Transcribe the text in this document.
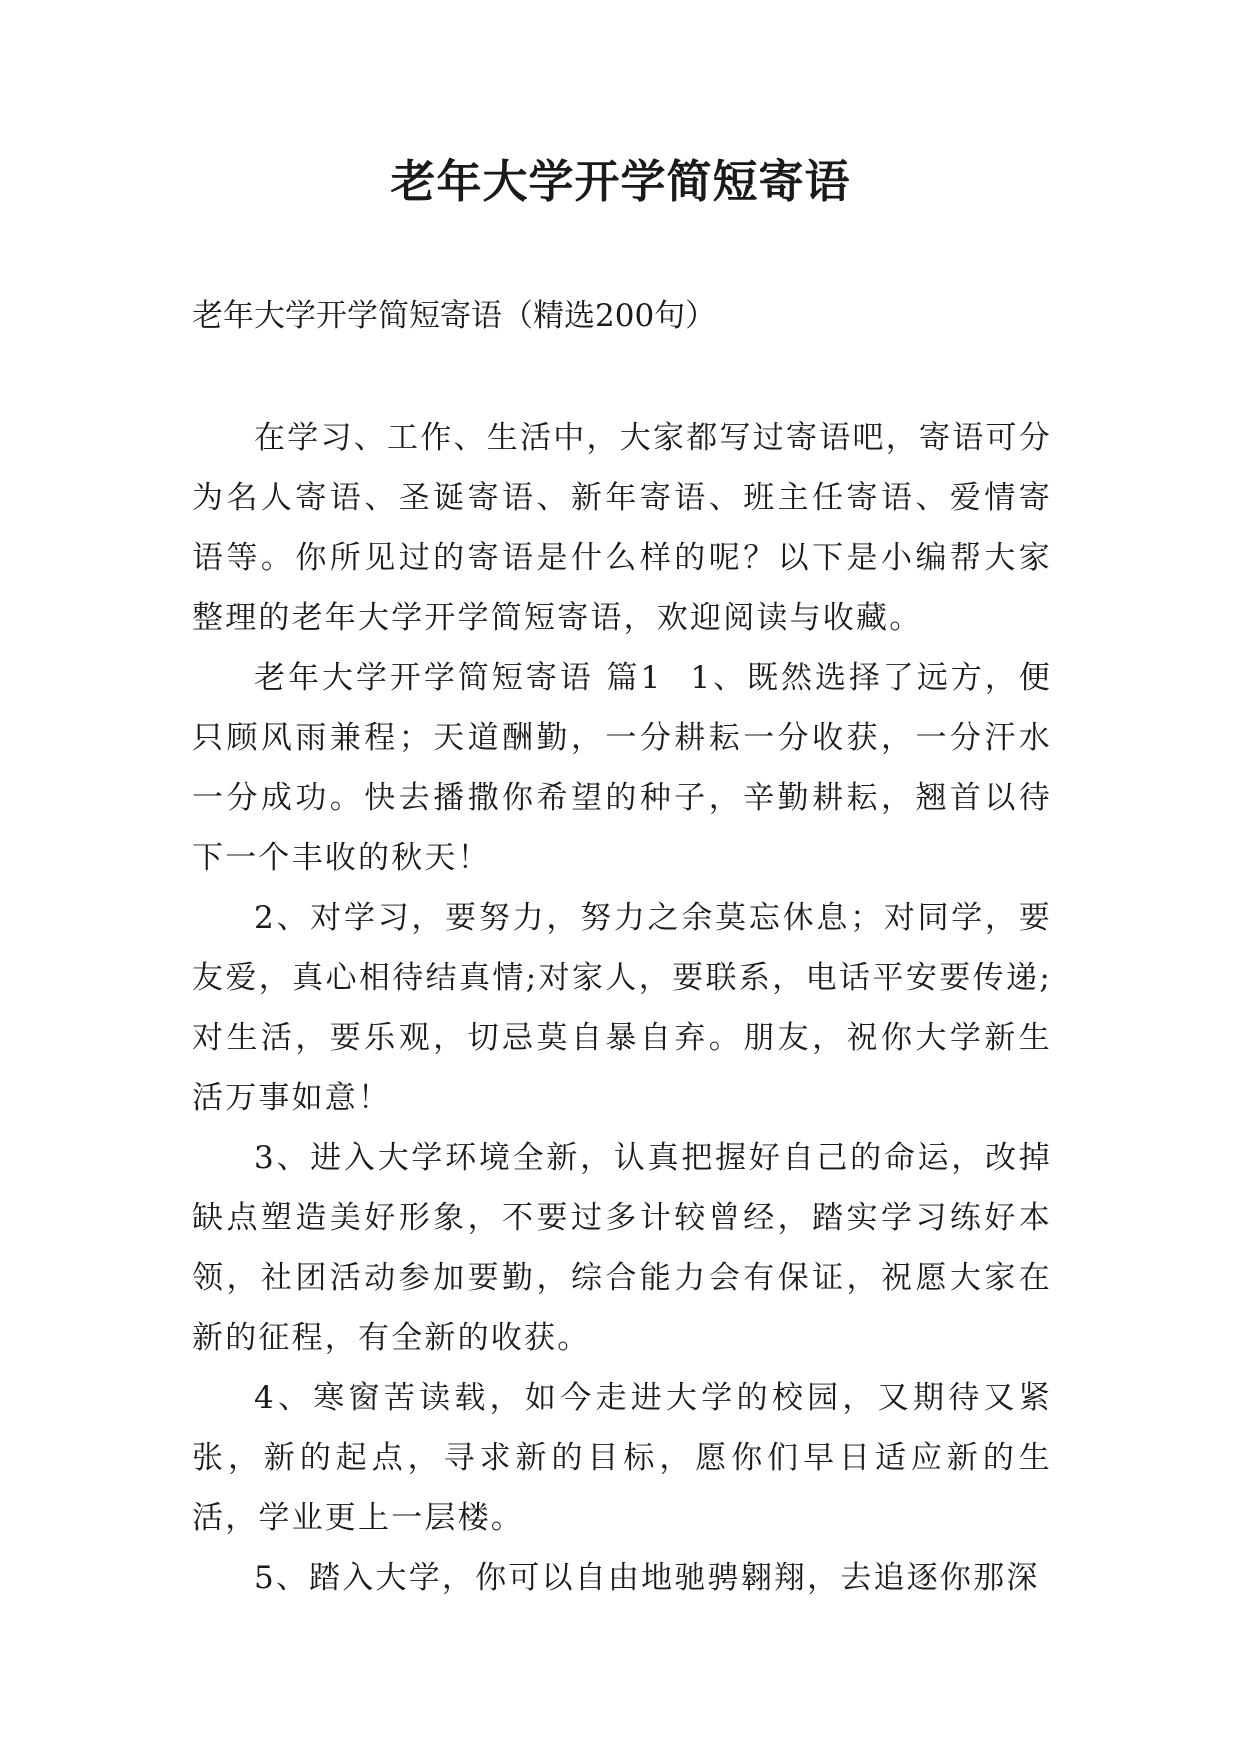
老年大学开学简短寄语

老年大学开学简短寄语（精选200句）

在学习、工作、生活中，大家都写过寄语吧，寄语可分为名人寄语、圣诞寄语、新年寄语、班主任寄语、爱情寄语等。你所见过的寄语是什么样的呢？以下是小编帮大家整理的老年大学开学简短寄语，欢迎阅读与收藏。

老年大学开学简短寄语 篇1 1、既然选择了远方，便只顾风雨兼程；天道酬勤，一分耕耘一分收获，一分汗水一分成功。快去播撒你希望的种子，辛勤耕耘，翘首以待下一个丰收的秋天！

2、对学习，要努力，努力之余莫忘休息；对同学，要友爱，真心相待结真情;对家人，要联系，电话平安要传递;对生活，要乐观，切忌莫自暴自弃。朋友，祝你大学新生活万事如意！

3、进入大学环境全新，认真把握好自己的命运，改掉缺点塑造美好形象，不要过多计较曾经，踏实学习练好本领，社团活动参加要勤，综合能力会有保证，祝愿大家在新的征程，有全新的收获。

4、寒窗苦读载，如今走进大学的校园，又期待又紧张，新的起点，寻求新的目标，愿你们早日适应新的生活，学业更上一层楼。

5、踏入大学，你可以自由地驰骋翱翔，去追逐你那深
